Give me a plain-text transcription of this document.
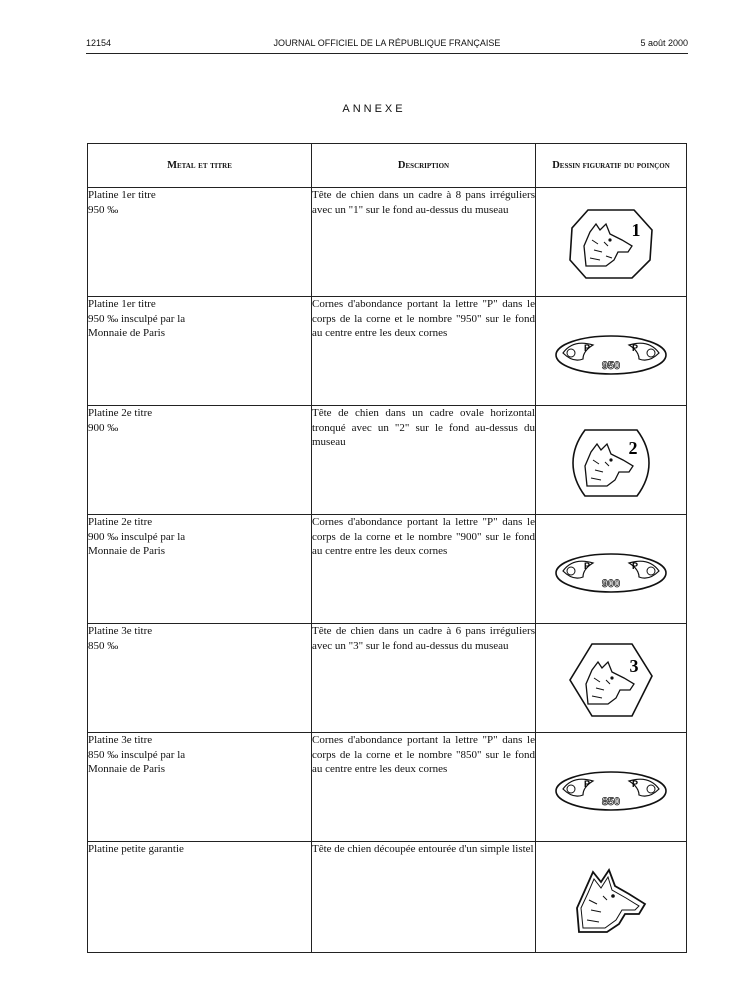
JOURNAL OFFICIEL DE LA RÉPUBLIQUE FRANÇAISE
12154	5 août 2000
ANNEXE
Metal et titre	Description	Dessin figuratif du poinçon
Platine 1er titre
950 ‰	Tête de chien dans un cadre à 8 pans irréguliers avec un "1" sur le fond au-dessus du museau	1

Platine 1er titre
950 ‰ insculpé par la
Monnaie de Paris	Cornes d'abondance portant la lettre "P" dans le corps de la corne et le nombre "950" sur le fond au centre entre les deux cornes	P P
950

Platine 2e titre
900 ‰	Tête de chien dans un cadre ovale horizontal tronqué avec un "2" sur le fond au-dessus du museau	2

Platine 2e titre
900 ‰ insculpé par la
Monnaie de Paris	Cornes d'abondance portant la lettre "P" dans le corps de la corne et le nombre "900" sur le fond au centre entre les deux cornes	P P
900

Platine 3e titre
850 ‰	Tête de chien dans un cadre à 6 pans irréguliers avec un "3" sur le fond au-dessus du museau	3

Platine 3e titre
850 ‰ insculpé par la
Monnaie de Paris	Cornes d'abondance portant la lettre "P" dans le corps de la corne et le nombre "850" sur le fond au centre entre les deux cornes	P P
850

Platine petite garantie	Tête de chien découpée entourée d'un simple listel	
